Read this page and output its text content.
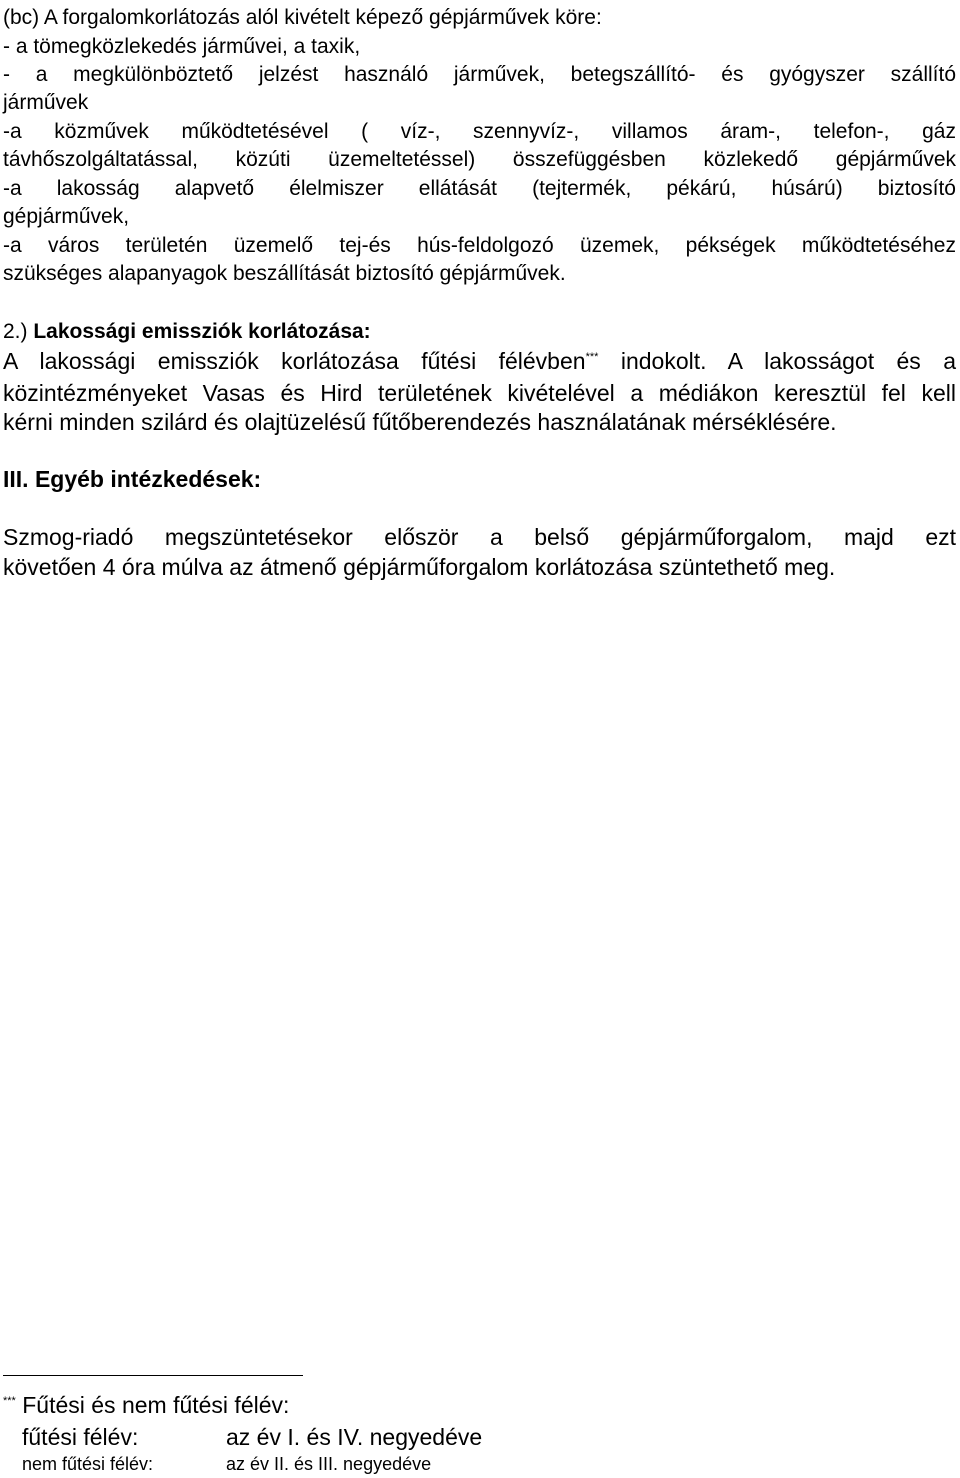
(bc) A forgalomkorlátozás alól kivételt képező gépjárművek köre:
- a tömegközlekedés járművei, a taxik,
- a megkülönböztető jelzést használó járművek, betegszállító- és gyógyszer szállító
járművek
-a közművek működtetésével ( víz-, szennyvíz-, villamos áram-, telefon-, gáz
távhőszolgáltatással, közúti üzemeltetéssel) összefüggésben közlekedő gépjárművek
-a lakosság alapvető élelmiszer ellátását (tejtermék, pékárú, húsárú) biztosító
gépjárművek,
-a város területén üzemelő tej-és hús-feldolgozó üzemek, pékségek működtetéséhez
szükséges alapanyagok beszállítását biztosító gépjárművek.
2.) Lakossági emissziók korlátozása:
A lakossági emissziók korlátozása fűtési félévben*** indokolt. A lakosságot és a
közintézményeket Vasas és Hird területének kivételével a médiákon keresztül fel kell
kérni minden szilárd és olajtüzelésű fűtőberendezés használatának mérséklésére.
III. Egyéb intézkedések:
Szmog-riadó megszüntetésekor először a belső gépjárműforgalom, majd ezt
követően 4 óra múlva az átmenő gépjárműforgalom korlátozása szüntethető meg.
*** Fűtési és nem fűtési félév:
fűtési félév:	az év I. és IV. negyedéve
nem fűtési félév:	az év II. és III. negyedéve
